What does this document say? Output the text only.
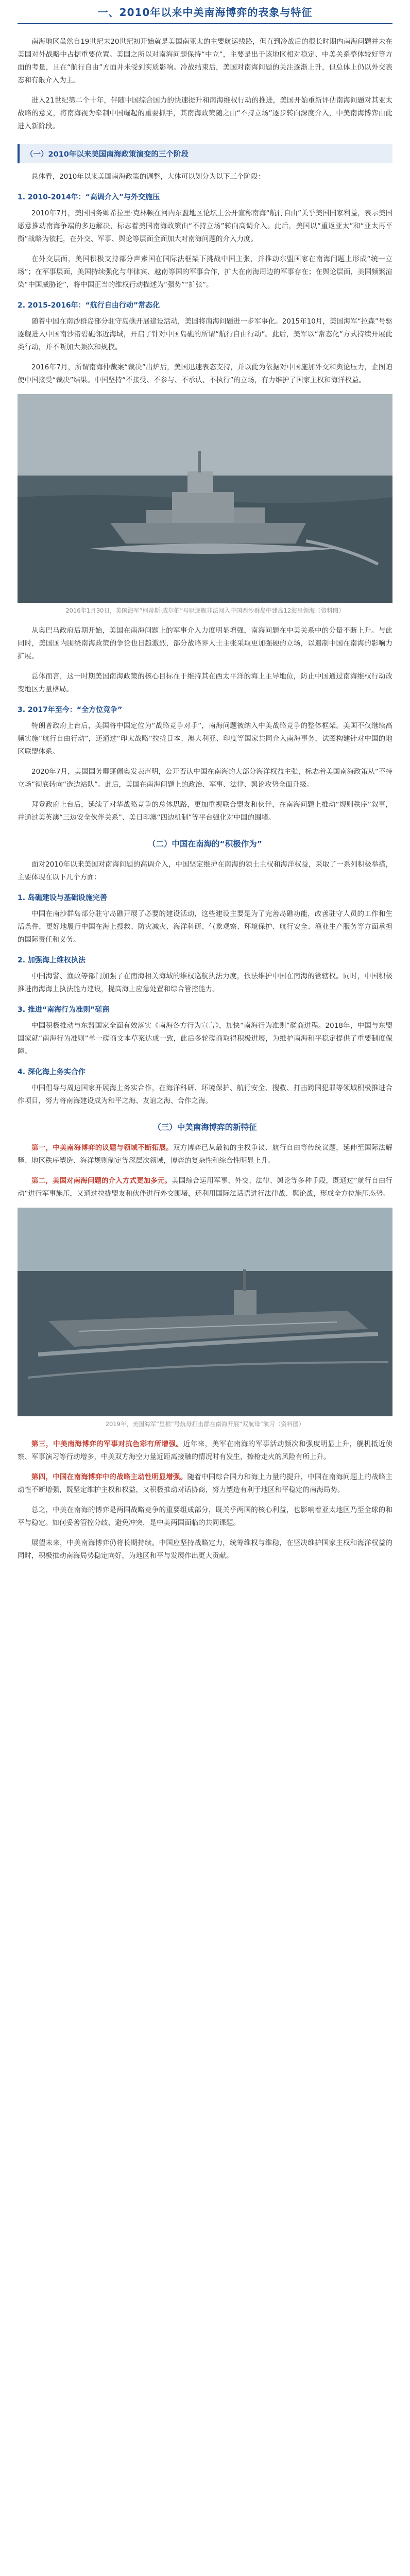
一、2010年以来中美南海博弈的表象与特征

南海地区虽然自19世纪末20世纪初开始就是美国南亚太的主要航运线路，但直到冷战后的很长时期内南海问题并未在美国对外战略中占据重要位置。美国之所以对南海问题保持“中立”，主要是出于该地区相对稳定、中美关系整体较好等方面的考量，且在“航行自由”方面并未受到实质影响。冷战结束后，美国对南海问题的关注逐渐上升，但总体上仍以外交表态和有限介入为主。

进入21世纪第二个十年，伴随中国综合国力的快速提升和南海维权行动的推进，美国开始重新评估南海问题对其亚太战略的意义，将南海视为牵制中国崛起的重要抓手，其南海政策随之由“不持立场”逐步转向深度介入，中美南海博弈由此进入新阶段。

（一）2010年以来美国南海政策演变的三个阶段

总体看，2010年以来美国南海政策的调整，大体可以划分为以下三个阶段：

1. 2010-2014年：“高调介入”与外交施压

2010年7月，美国国务卿希拉里·克林顿在河内东盟地区论坛上公开宣称南海“航行自由”关乎美国国家利益，表示美国愿意推动南海争端的多边解决，标志着美国南海政策由“不持立场”转向高调介入。此后，美国以“重返亚太”和“亚太再平衡”战略为依托，在外交、军事、舆论等层面全面加大对南海问题的介入力度。

在外交层面，美国积极支持部分声索国在国际法框架下挑战中国主张，并推动东盟国家在南海问题上形成“统一立场”；在军事层面，美国持续强化与菲律宾、越南等国的军事合作，扩大在南海周边的军事存在；在舆论层面，美国频繁渲染“中国威胁论”，将中国正当的维权行动描述为“强势”“扩张”。

2. 2015-2016年：“航行自由行动”常态化

随着中国在南沙群岛部分驻守岛礁开展建设活动，美国将南海问题进一步军事化。2015年10月，美国海军“拉森”号驱逐舰进入中国南沙渚碧礁邻近海域，开启了针对中国岛礁的所谓“航行自由行动”。此后，美军以“常态化”方式持续开展此类行动，并不断加大频次和规模。

2016年7月，所谓南海仲裁案“裁决”出炉后，美国迅速表态支持，并以此为依据对中国施加外交和舆论压力，企图迫使中国接受“裁决”结果。中国坚持“不接受、不参与、不承认、不执行”的立场，有力维护了国家主权和海洋权益。

2016年1月30日，美国海军“柯蒂斯·威尔伯”号驱逐舰非法闯入中国西沙群岛中建岛12海里领海（资料图）

从奥巴马政府后期开始，美国在南海问题上的军事介入力度明显增强，南海问题在中美关系中的分量不断上升。与此同时，美国国内围绕南海政策的争论也日趋激烈，部分战略界人士主张采取更加强硬的立场，以遏制中国在南海的影响力扩展。

总体而言，这一时期美国南海政策的核心目标在于维持其在西太平洋的海上主导地位，防止中国通过南海维权行动改变地区力量格局。

3. 2017年至今：“全方位竞争”

特朗普政府上台后，美国将中国定位为“战略竞争对手”，南海问题被纳入中美战略竞争的整体框架。美国不仅继续高频实施“航行自由行动”，还通过“印太战略”拉拢日本、澳大利亚、印度等国家共同介入南海事务，试图构建针对中国的地区联盟体系。

2020年7月，美国国务卿蓬佩奥发表声明，公开否认中国在南海的大部分海洋权益主张，标志着美国南海政策从“不持立场”彻底转向“选边站队”。此后，美国在南海问题上的政治、军事、法律、舆论攻势全面升级。

拜登政府上台后，延续了对华战略竞争的总体思路，更加重视联合盟友和伙伴，在南海问题上推动“规则秩序”叙事，并通过美英澳“三边安全伙伴关系”、美日印澳“四边机制”等平台强化对中国的围堵。

（二）中国在南海的“积极作为”

面对2010年以来美国对南海问题的高调介入，中国坚定维护在南海的领土主权和海洋权益，采取了一系列积极举措，主要体现在以下几个方面：

1. 岛礁建设与基础设施完善

中国在南沙群岛部分驻守岛礁开展了必要的建设活动，这些建设主要是为了完善岛礁功能，改善驻守人员的工作和生活条件，更好地履行中国在海上搜救、防灾减灾、海洋科研、气象观察、环境保护、航行安全、渔业生产服务等方面承担的国际责任和义务。

2. 加强海上维权执法

中国海警、渔政等部门加强了在南海相关海域的维权巡航执法力度，依法维护中国在南海的管辖权。同时，中国积极推进南海海上执法能力建设，提高海上应急处置和综合管控能力。

3. 推进“南海行为准则”磋商

中国积极推动与东盟国家全面有效落实《南海各方行为宣言》，加快“南海行为准则”磋商进程。2018年，中国与东盟国家就“南海行为准则”单一磋商文本草案达成一致，此后多轮磋商取得积极进展，为维护南海和平稳定提供了重要制度保障。

4. 深化海上务实合作

中国倡导与周边国家开展海上务实合作，在海洋科研、环境保护、航行安全、搜救、打击跨国犯罪等领域积极推进合作项目，努力将南海建设成为和平之海、友谊之海、合作之海。

（三）中美南海博弈的新特征
第一，中美南海博弈的议题与领域不断拓展。双方博弈已从最初的主权争议、航行自由等传统议题，延伸至国际法解释、地区秩序塑造、海洋规则制定等深层次领域，博弈的复杂性和综合性明显上升。
第二，美国对南海问题的介入方式更加多元。美国综合运用军事、外交、法律、舆论等多种手段，既通过“航行自由行动”进行军事施压，又通过拉拢盟友和伙伴进行外交围堵，还利用国际法话语进行法律战、舆论战，形成全方位施压态势。
2019年，美国海军“里根”号航母打击群在南海开展“双航母”演习（资料图）
第三，中美南海博弈的军事对抗色彩有所增强。近年来，美军在南海的军事活动频次和强度明显上升，舰机抵近侦察、军事演习等行动增多，中美双方海空力量近距离接触的情况时有发生，擦枪走火的风险有所上升。
第四，中国在南海博弈中的战略主动性明显增强。随着中国综合国力和海上力量的提升，中国在南海问题上的战略主动性不断增强，既坚定维护主权和权益，又积极推动对话协商，努力塑造有利于地区和平稳定的南海局势。

总之，中美在南海的博弈是两国战略竞争的重要组成部分，既关乎两国的核心利益，也影响着亚太地区乃至全球的和平与稳定。如何妥善管控分歧、避免冲突，是中美两国面临的共同课题。

展望未来，中美南海博弈仍将长期持续。中国应坚持战略定力，统筹维权与维稳，在坚决维护国家主权和海洋权益的同时，积极推动南海局势稳定向好，为地区和平与发展作出更大贡献。
